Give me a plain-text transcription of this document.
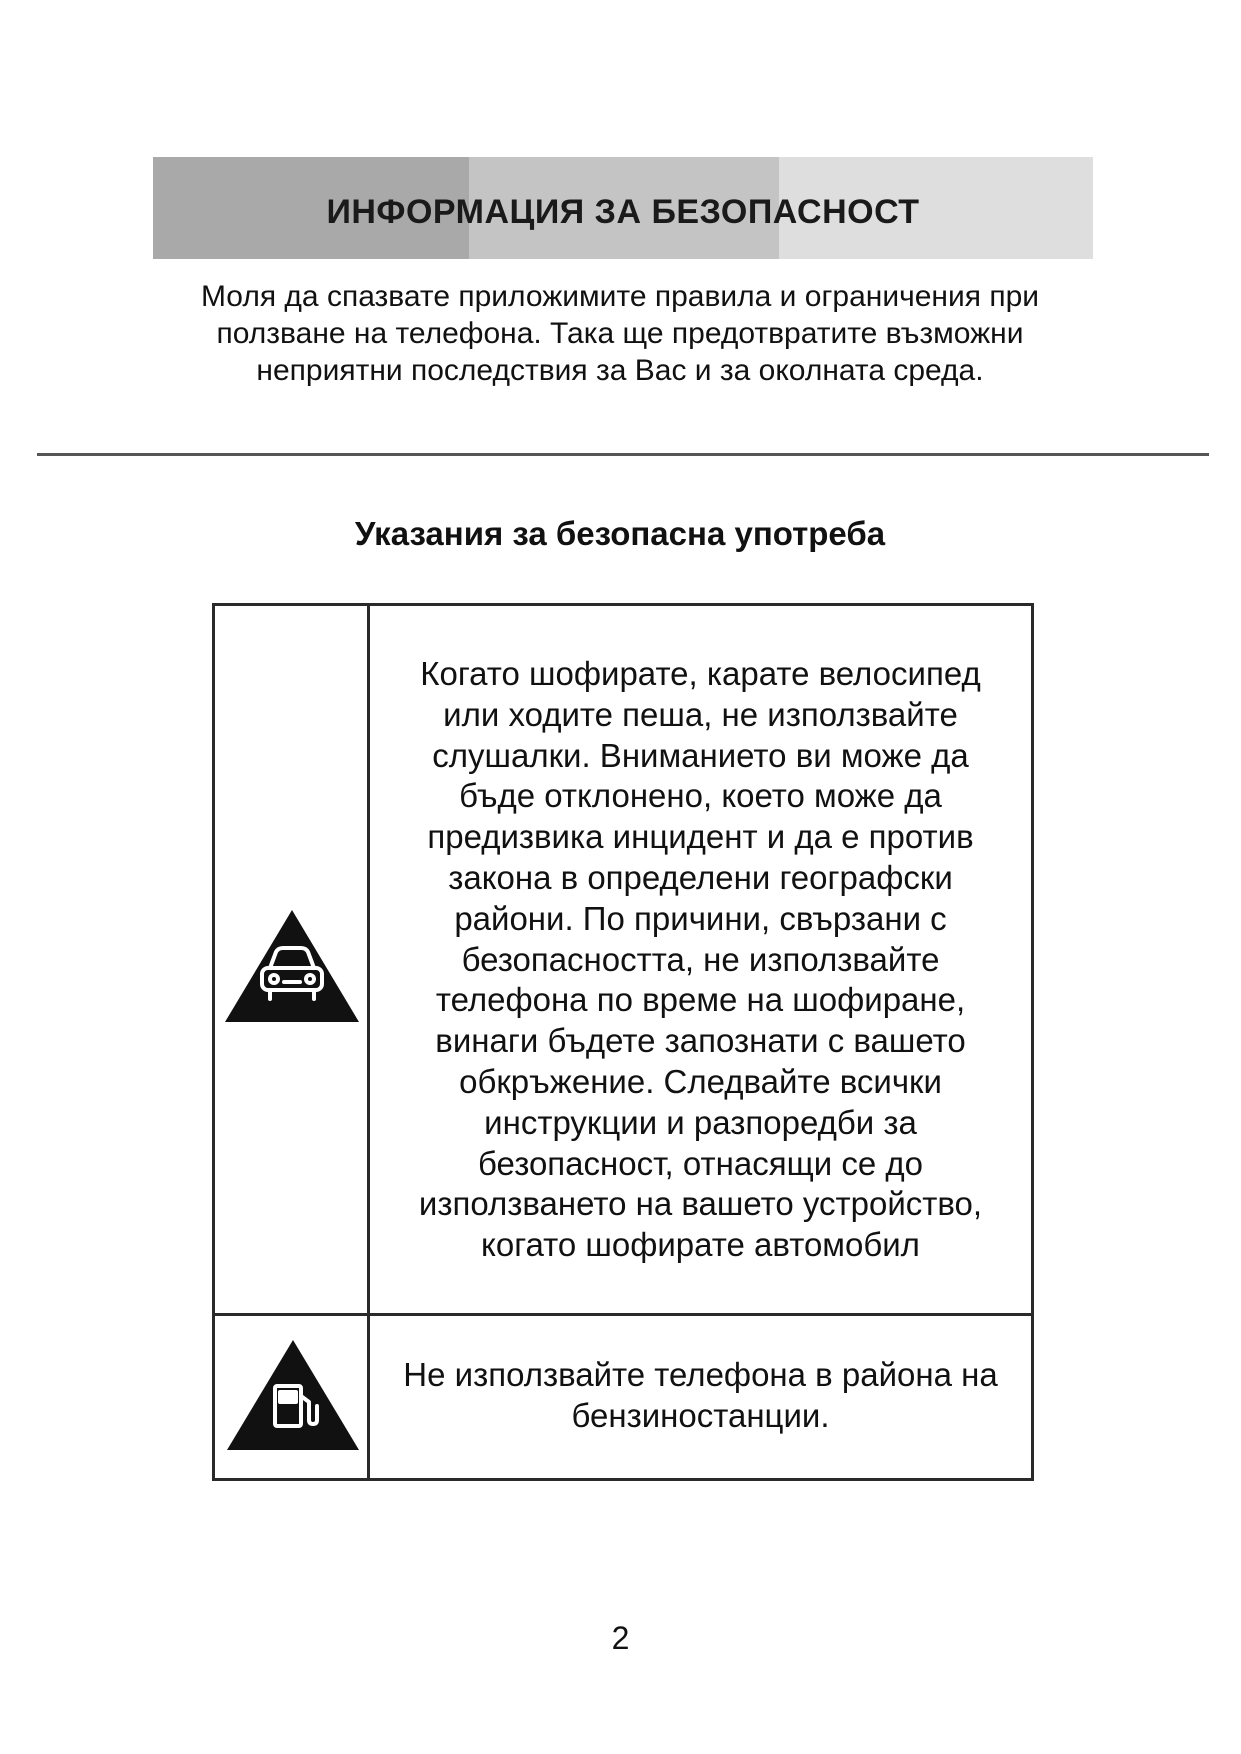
ИНФОРМАЦИЯ ЗА БЕЗОПАСНОСТ
Моля да спазвате приложимите правила и ограничения при
ползване на телефона. Така ще предотвратите възможни
неприятни последствия за Вас и за околната среда.
Указания за безопасна употреба
Когато шофирате, карате велосипед
или ходите пеша, не използвайте
слушалки. Вниманието ви може да
бъде отклонено, което може да
предизвика инцидент и да е против
закона в определени географски
райони. По причини, свързани с
безопасността, не използвайте
телефона по време на шофиране,
винаги бъдете запознати с вашето
обкръжение. Следвайте всички
инструкции и разпоредби за
безопасност, отнасящи се до
използването на вашето устройство,
когато шофирате автомобил
Не използвайте телефона в района на
бензиностанции.
2
